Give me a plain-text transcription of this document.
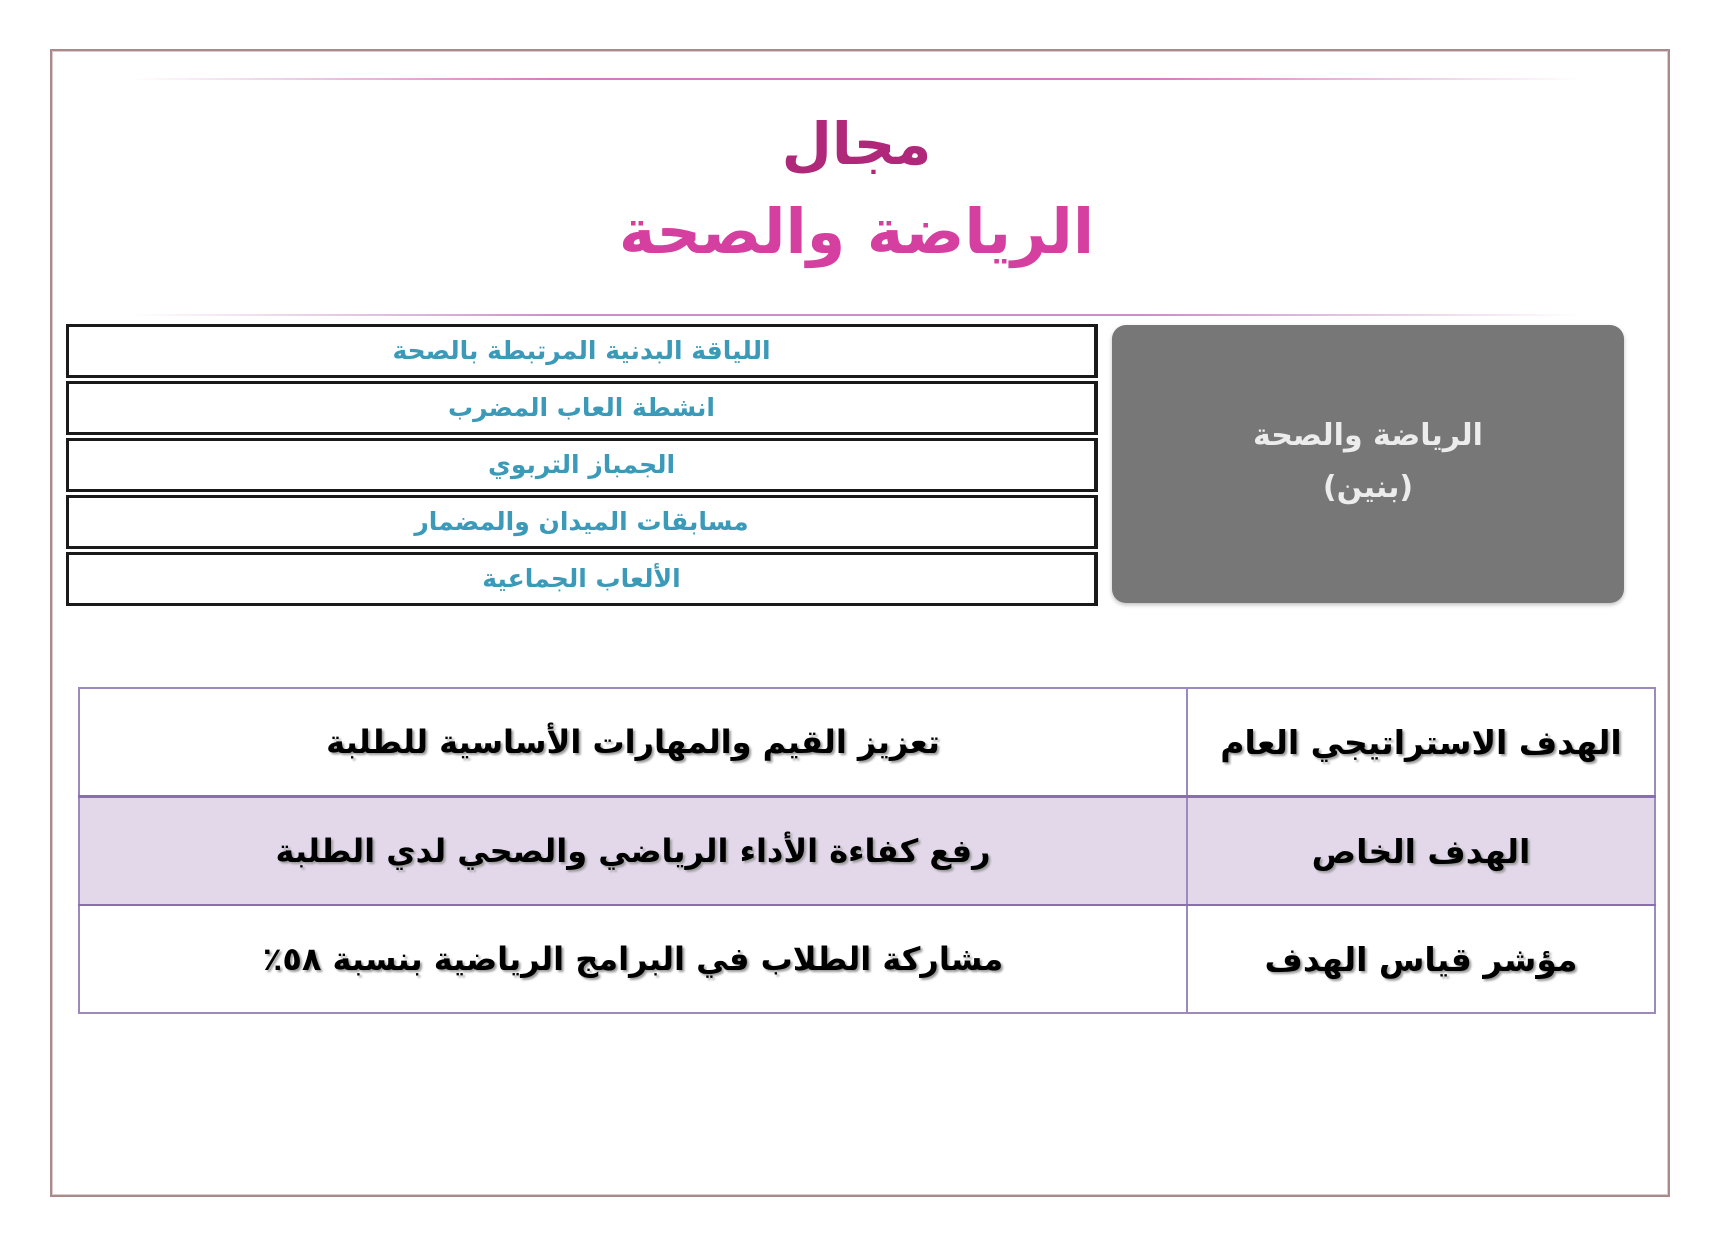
مجال
الرياضة والصحة
الرياضة والصحة
(بنين)
اللياقة البدنية المرتبطة بالصحة
انشطة العاب المضرب
الجمباز التربوي
مسابقات الميدان والمضمار
الألعاب الجماعية
الهدف الاستراتيجي العام	تعزيز القيم والمهارات الأساسية للطلبة
الهدف الخاص	رفع كفاءة الأداء الرياضي والصحي لدي الطلبة
مؤشر قياس الهدف	مشاركة الطلاب في البرامج الرياضية بنسبة ٥٨٪
